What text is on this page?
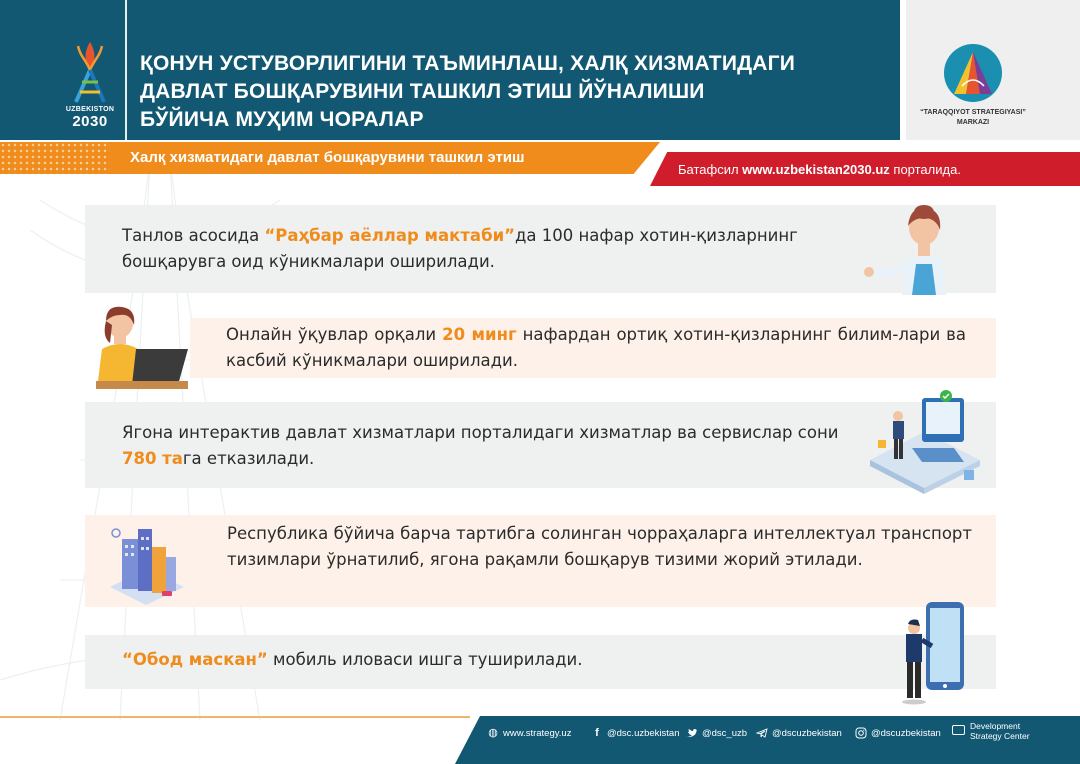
UZBEKISTON
2030
ҚОНУН УСТУВОРЛИГИНИ ТАЪМИНЛАШ, ХАЛҚ ХИЗМАТИДАГИ
ДАВЛАТ БОШҚАРУВИНИ ТАШКИЛ ЭТИШ ЙЎНАЛИШИ
БЎЙИЧА МУҲИМ ЧОРАЛАР	“TARAQQIYOT STRATEGIYASI”
MARKAZI
Халқ хизматидаги давлат бошқарувини ташкил этиш
Батафсил www.uzbekistan2030.uz порталида.
Танлов асосида “Раҳбар аёллар мактаби”да 100 нафар хотин-қизларнинг бошқарувга оид кўникмалари оширилади.
Онлайн ўқувлар орқали 20 минг нафардан ортиқ хотин-қизларнинг билим-лари ва касбий кўникмалари оширилади.
Ягона интерактив давлат хизматлари порталидаги хизматлар ва сервислар сони 780 тага етказилади.
Республика бўйича барча тартибга солинган чорраҳаларга интеллектуал транспорт тизимлари ўрнатилиб, ягона рақамли бошқарув тизими жорий этилади.
“Обод маскан” мобиль иловаси ишга туширилади.
◍ www.strategy.uz	f @dsc.uzbekistan @dsc_uzb	@dscuzbekistan	@dscuzbekistan
Development
Strategy Center
